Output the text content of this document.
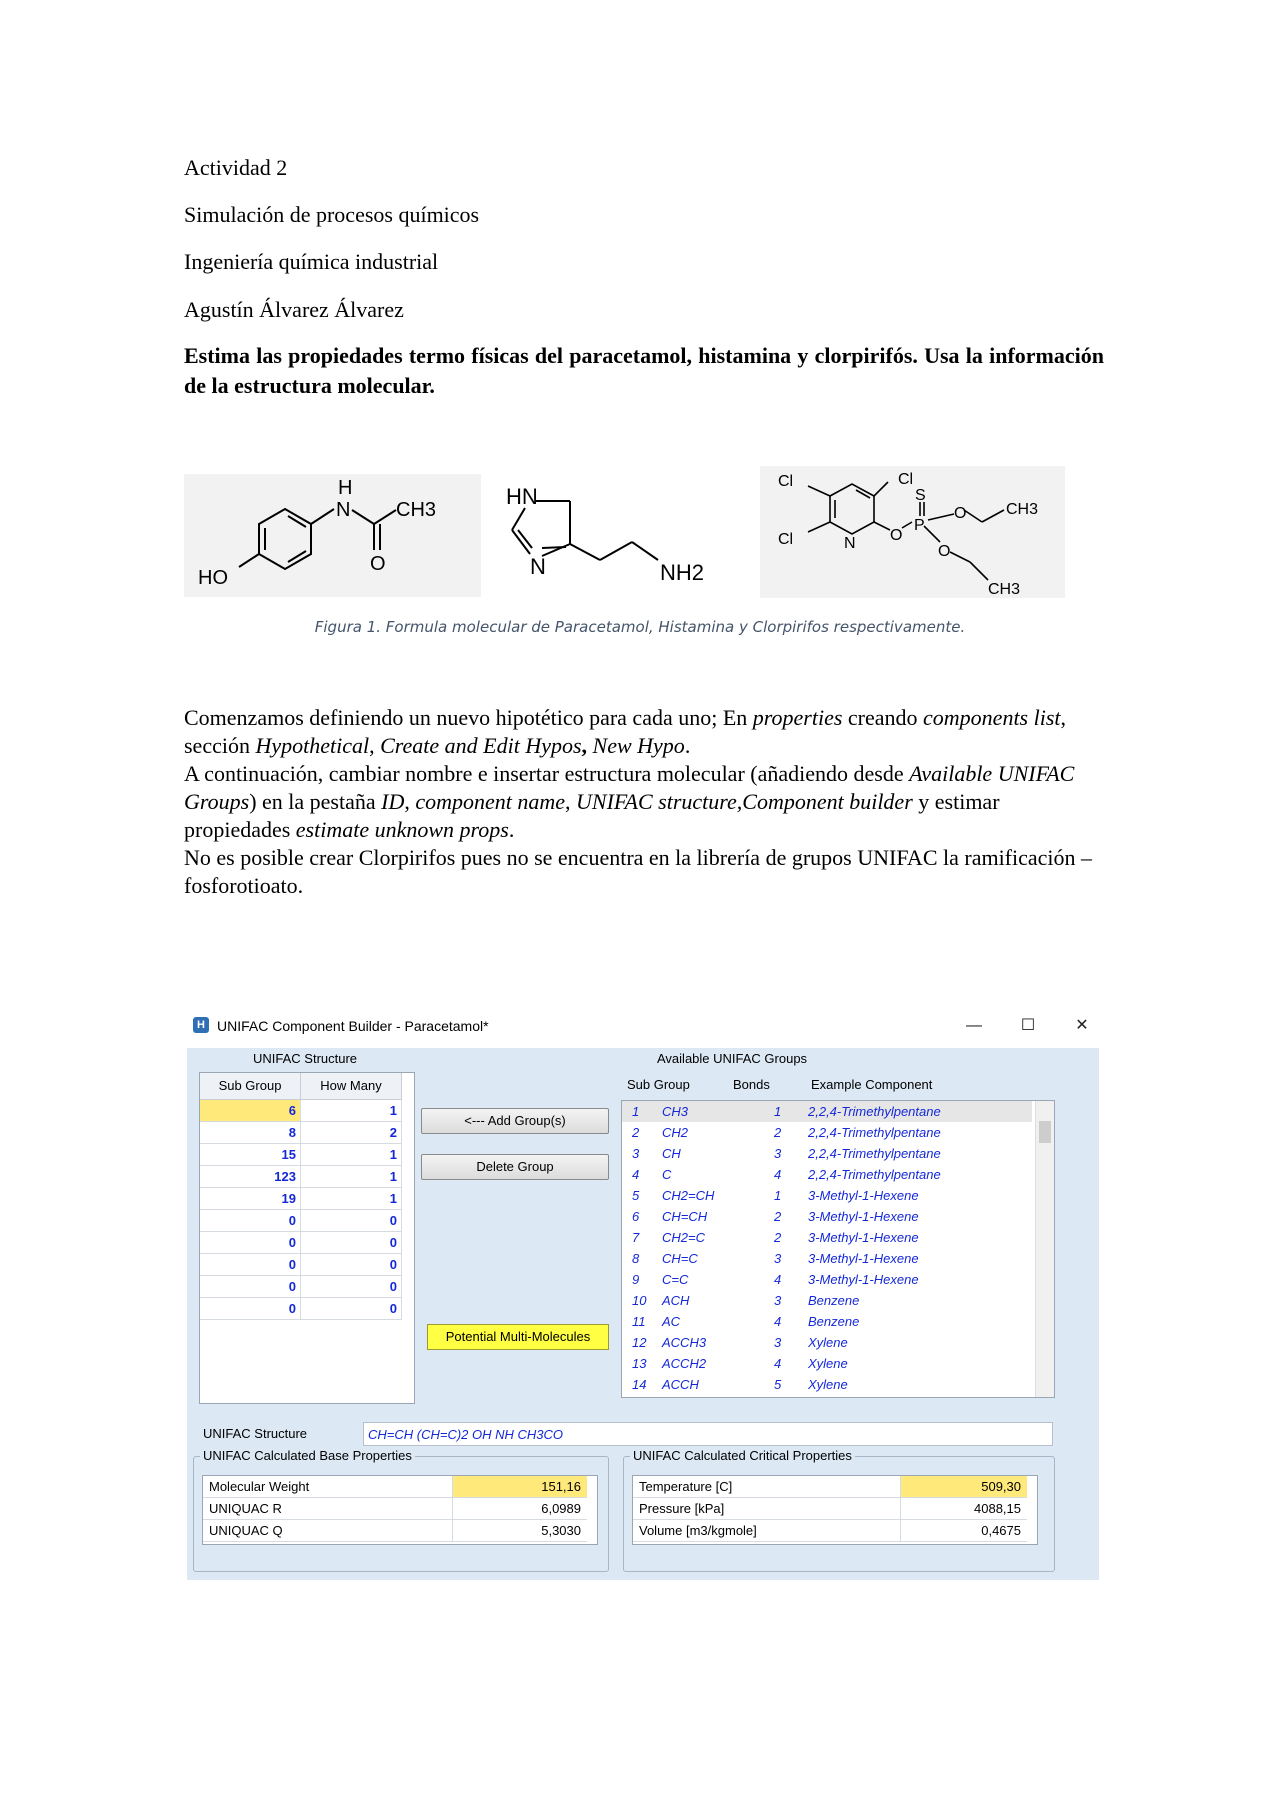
Actividad 2
Simulación de procesos químicos
Ingeniería química industrial
Agustín Álvarez Álvarez
Estima las propiedades termo físicas del paracetamol, histamina y clorpirifós. Usa la información de la estructura molecular.
H
N CH3
O
HO
HN
N	NH2
Cl	Cl
Cl
S
O
P
O
O
N
CH3
CH3
Figura 1. Formula molecular de Paracetamol, Histamina y Clorpirifos respectivamente.
Comenzamos definiendo un nuevo hipotético para cada uno; En properties creando components list, sección Hypothetical, Create and Edit Hypos, New Hypo.
A continuación, cambiar nombre e insertar estructura molecular (añadiendo desde Available UNIFAC Groups) en la pestaña ID, component name, UNIFAC structure,Component builder y estimar propiedades estimate unknown props.
No es posible crear Clorpirifos pues no se encuentra en la librería de grupos UNIFAC la ramificación –fosforotioato.
H UNIFAC Component Builder - Paracetamol*	—	☐	✕
UNIFAC Structure	Available UNIFAC Groups
Sub Group	How Many
6	1
8	2
15	1
123	1
19	1
0	0
0	0
0	0
0	0
0	0
<--- Add Group(s)
Delete Group
Potential Multi-Molecules
Sub Group	Bonds	Example Component
1 CH3	1 2,2,4-Trimethylpentane
2 CH2	2 2,2,4-Trimethylpentane
3 CH	3 2,2,4-Trimethylpentane
4 C	4 2,2,4-Trimethylpentane
5 CH2=CH	1 3-Methyl-1-Hexene
6 CH=CH	2 3-Methyl-1-Hexene
7 CH2=C	2 3-Methyl-1-Hexene
8 CH=C	3 3-Methyl-1-Hexene
9 C=C	4 3-Methyl-1-Hexene
10 ACH	3 Benzene
11 AC	4 Benzene
12 ACCH3	3 Xylene
13 ACCH2	4 Xylene
14 ACCH	5 Xylene
UNIFAC Structure	CH=CH (CH=C)2 OH NH CH3CO
UNIFAC Calculated Base Properties
Molecular Weight	151,16
UNIQUAC R	6,0989
UNIQUAC Q	5,3030
UNIFAC Calculated Critical Properties
Temperature [C]	509,30
Pressure [kPa]	4088,15
Volume [m3/kgmole]	0,4675
